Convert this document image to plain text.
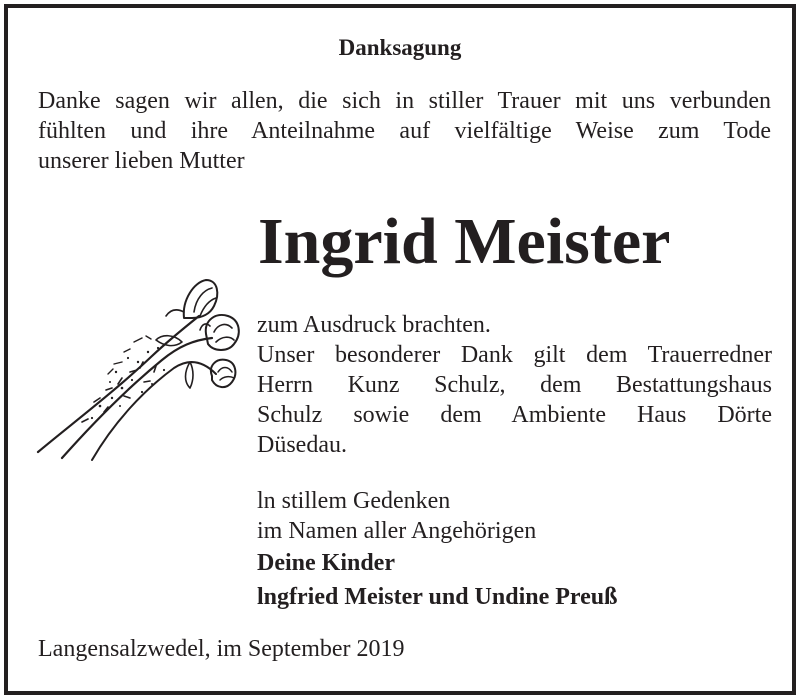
Danksagung
Danke sagen wir allen, die sich in stiller Trauer mit uns verbunden
fühlten und ihre Anteilnahme auf vielfältige Weise zum Tode
unserer lieben Mutter
Ingrid Meister
zum Ausdruck brachten.
Unser besonderer Dank gilt dem Trauerredner
Herrn Kunz Schulz, dem Bestattungshaus
Schulz sowie dem Ambiente Haus Dörte
Düsedau.
ln stillem Gedenken
im Namen aller Angehörigen
Deine Kinder
lngfried Meister und Undine Preuß
Langensalzwedel, im September 2019
